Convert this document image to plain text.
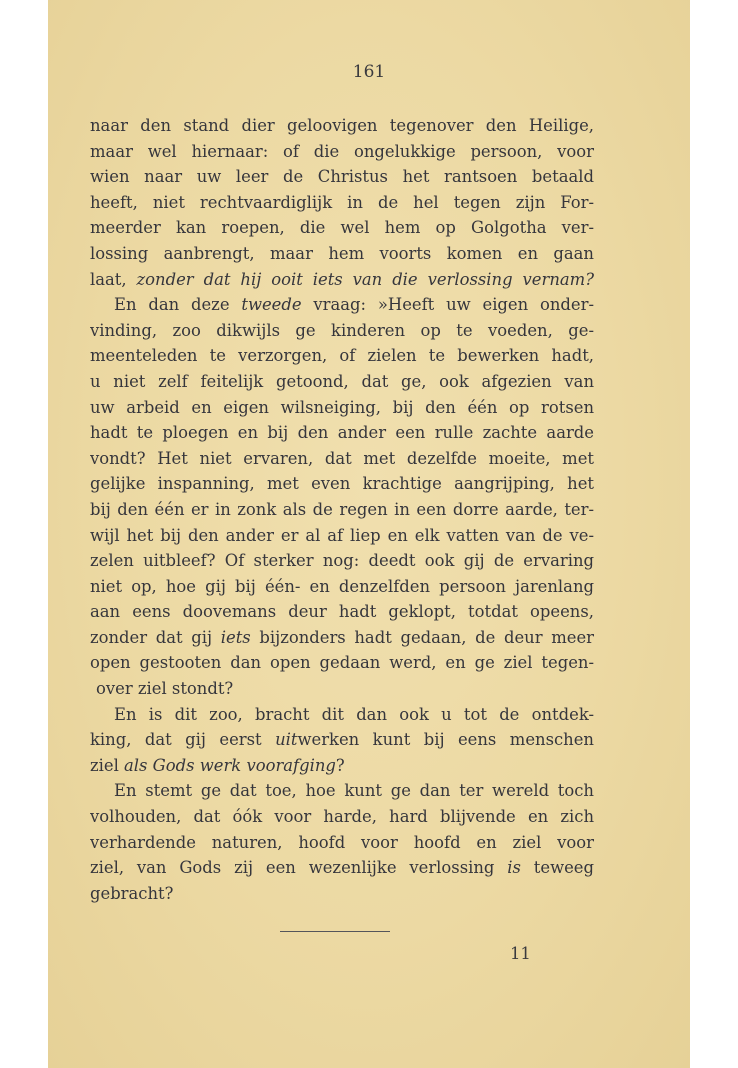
161
naar den stand dier geloovigen tegenover den Heilige,
maar wel hiernaar: of die ongelukkige persoon, voor
wien naar uw leer de Christus het rantsoen betaald
heeft, niet rechtvaardiglijk in de hel tegen zijn For-
meerder kan roepen, die wel hem op Golgotha ver-
lossing aanbrengt, maar hem voorts komen en gaan
laat, zonder dat hij ooit iets van die verlossing vernam?
En dan deze tweede vraag: »Heeft uw eigen onder-
vinding, zoo dikwijls ge kinderen op te voeden, ge-
meenteleden te verzorgen, of zielen te bewerken hadt,
u niet zelf feitelijk getoond, dat ge, ook afgezien van
uw arbeid en eigen wilsneiging, bij den één op rotsen
hadt te ploegen en bij den ander een rulle zachte aarde
vondt? Het niet ervaren, dat met dezelfde moeite, met
gelijke inspanning, met even krachtige aangrijping, het
bij den één er in zonk als de regen in een dorre aarde, ter-
wijl het bij den ander er al af liep en elk vatten van de ve-
zelen uitbleef? Of sterker nog: deedt ook gij de ervaring
niet op, hoe gij bij één- en denzelfden persoon jarenlang
aan eens doovemans deur hadt geklopt, totdat opeens,
zonder dat gij iets bijzonders hadt gedaan, de deur meer
open gestooten dan open gedaan werd, en ge ziel tegen-
over ziel stondt?
En is dit zoo, bracht dit dan ook u tot de ontdek-
king, dat gij eerst uitwerken kunt bij eens menschen
ziel als Gods werk voorafging?
En stemt ge dat toe, hoe kunt ge dan ter wereld toch
volhouden, dat óók voor harde, hard blijvende en zich
verhardende naturen, hoofd voor hoofd en ziel voor
ziel, van Gods zij een wezenlijke verlossing is teweeg
gebracht?
11
